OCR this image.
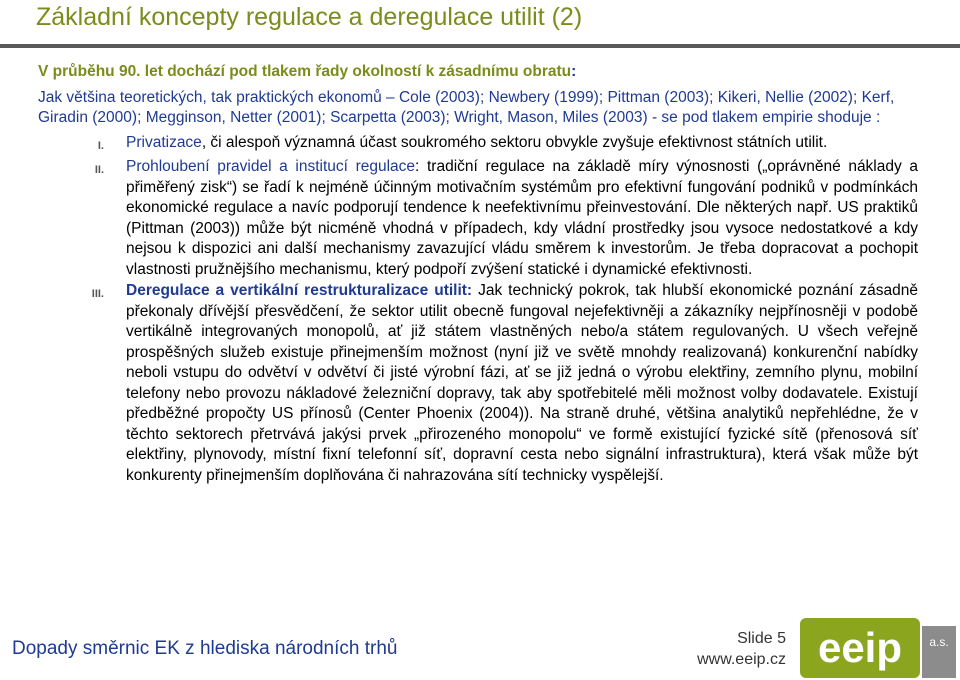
Základní koncepty regulace a deregulace utilit (2)

V průběhu 90. let dochází pod tlakem řady okolností k zásadnímu obratu:

Jak většina teoretických, tak praktických ekonomů – Cole (2003); Newbery (1999); Pittman (2003); Kikeri, Nellie (2002); Kerf, Giradin (2000); Megginson, Netter (2001); Scarpetta (2003); Wright, Mason, Miles (2003) - se pod tlakem empirie shoduje :

I.	Privatizace, či alespoň významná účast soukromého sektoru obvykle zvyšuje efektivnost státních utilit.
II.	Prohloubení pravidel a institucí regulace: tradiční regulace na základě míry výnosnosti („oprávněné náklady a přiměřený zisk“) se řadí k nejméně účinným motivačním systémům pro efektivní fungování podniků v podmínkách ekonomické regulace a navíc podporují tendence k neefektivnímu přeinvestování. Dle některých např. US praktiků (Pittman (2003)) může být nicméně vhodná v případech, kdy vládní prostředky jsou vysoce nedostatkové a kdy nejsou k dispozici ani další mechanismy zavazující vládu směrem k investorům. Je třeba dopracovat a pochopit vlastnosti pružnějšího mechanismu, který podpoří zvýšení statické i dynamické efektivnosti.
III.	Deregulace a vertikální restrukturalizace utilit: Jak technický pokrok, tak hlubší ekonomické poznání zásadně překonaly dřívější přesvědčení, že sektor utilit obecně fungoval nejefektivněji a zákazníky nejpřínosněji v podobě vertikálně integrovaných monopolů, ať již státem vlastněných nebo/a státem regulovaných. U všech veřejně prospěšných služeb existuje přinejmenším možnost (nyní již ve světě mnohdy realizovaná) konkurenční nabídky neboli vstupu do odvětví v odvětví či jisté výrobní fázi, ať se již jedná o výrobu elektřiny, zemního plynu, mobilní telefony nebo provozu nákladové železniční dopravy, tak aby spotřebitelé měli možnost volby dodavatele. Existují předběžné propočty US přínosů (Center Phoenix (2004)). Na straně druhé, většina analytiků nepřehlédne, že v těchto sektorech přetrvává jakýsi prvek „přirozeného monopolu“ ve formě existující fyzické sítě (přenosová síť elektřiny, plynovody, místní fixní telefonní síť, dopravní cesta nebo signální infrastruktura), která však může být konkurenty přinejmenším doplňována či nahrazována sítí technicky vyspělejší.
Dopady směrnic EK z hlediska národních trhů	Slide 5
www.eeip.cz eeip a.s.
